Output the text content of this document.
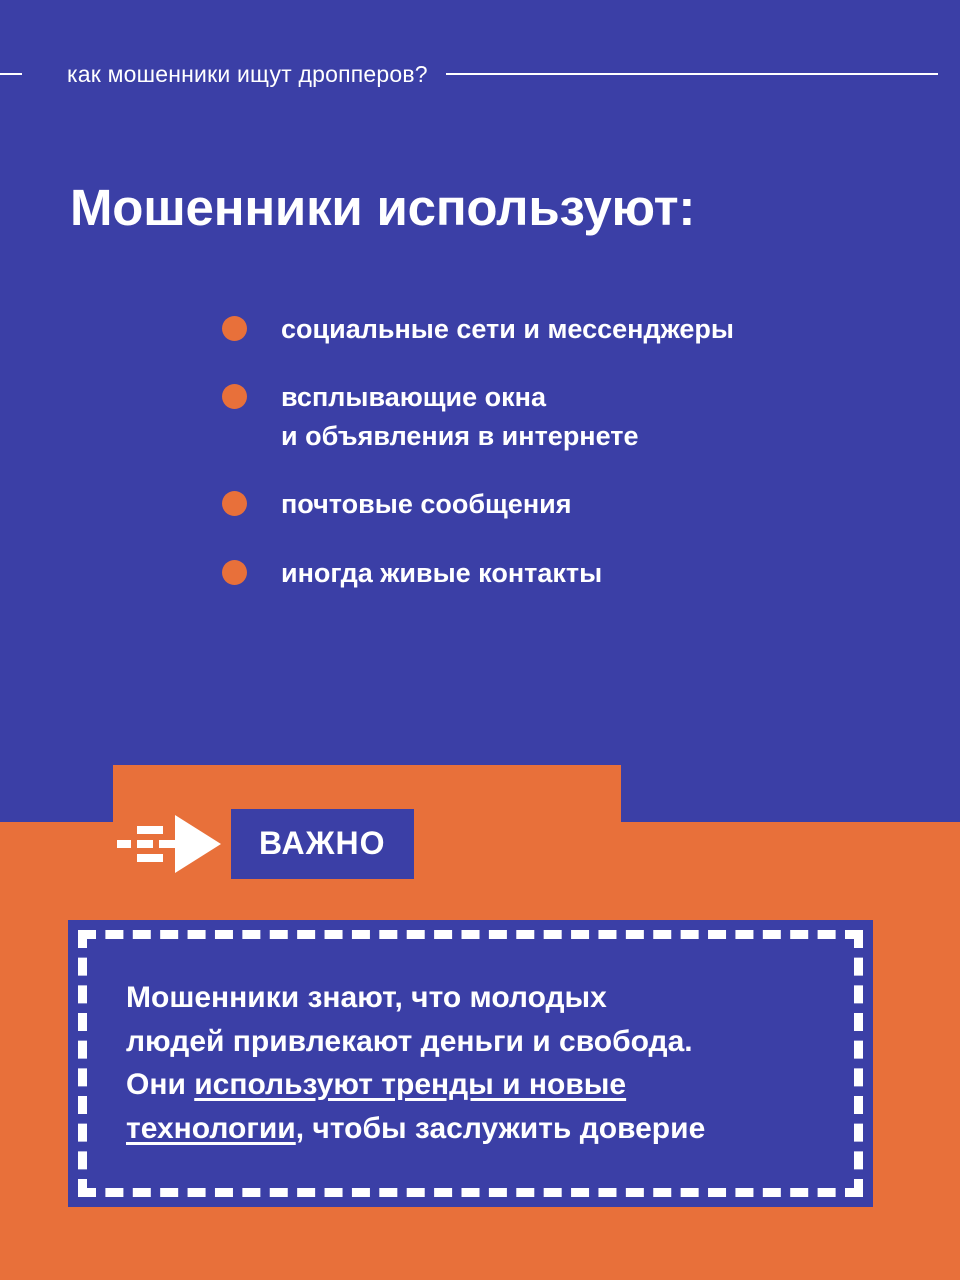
как мошенники ищут дропперов?
Мошенники используют:
социальные сети и мессенджеры
всплывающие окна
и объявления в интернете
почтовые сообщения
иногда живые контакты
ВАЖНО
Мошенники знают, что молодых
людей привлекают деньги и свобода.
Они используют тренды и новые
технологии, чтобы заслужить доверие
